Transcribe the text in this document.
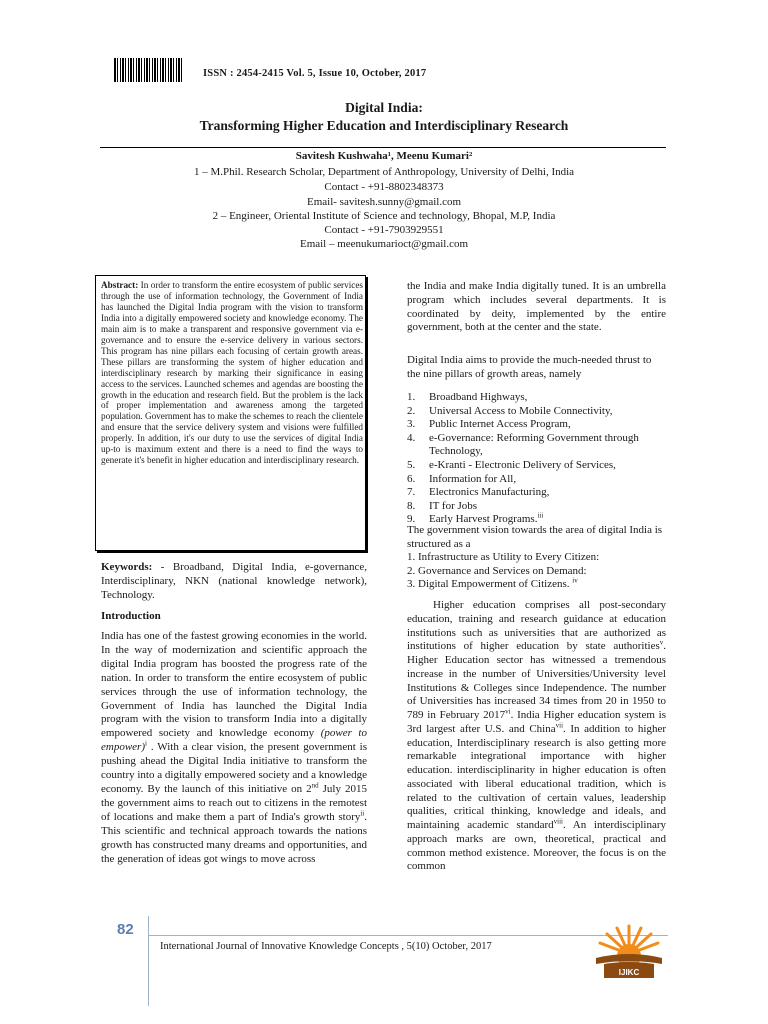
ISSN : 2454-2415 Vol. 5, Issue 10, October, 2017
Digital India:
Transforming Higher Education and Interdisciplinary Research
Savitesh Kushwaha¹, Meenu Kumari²
1 – M.Phil. Research Scholar, Department of Anthropology, University of Delhi, India
Contact - +91-8802348373
Email- savitesh.sunny@gmail.com
2 – Engineer, Oriental Institute of Science and technology, Bhopal, M.P, India
Contact - +91-7903929551
Email – meenukumarioct@gmail.com
Abstract: In order to transform the entire ecosystem of public services through the use of information technology, the Government of India has launched the Digital India program with the vision to transform India into a digitally empowered society and knowledge economy. The main aim is to make a transparent and responsive government via e-governance and to ensure the e-service delivery in various sectors. This program has nine pillars each focusing of certain growth areas. These pillars are transforming the system of higher education and interdisciplinary research by marking their significance in easing access to the services. Launched schemes and agendas are boosting the growth in the education and research field. But the problem is the lack of proper implementation and awareness among the targeted population. Government has to make the schemes to reach the clientele and ensure that the service delivery system and visions were fulfilled properly. In addition, it's our duty to use the services of digital India up-to is maximum extent and there is a need to find the ways to generate it's benefit in higher education and interdisciplinary research.
Keywords: - Broadband, Digital India, e-governance, Interdisciplinary, NKN (national knowledge network), Technology.
Introduction
India has one of the fastest growing economies in the world. In the way of modernization and scientific approach the digital India program has boosted the progress rate of the nation. In order to transform the entire ecosystem of public services through the use of information technology, the Government of India has launched the Digital India program with the vision to transform India into a digitally empowered society and knowledge economy (power to empower)$^i$ . With a clear vision, the present government is pushing ahead the Digital India initiative to transform the country into a digitally empowered society and a knowledge economy. By the launch of this initiative on 2nd July 2015 the government aims to reach out to citizens in the remotest of locations and make them a part of India's growth story$^{ii}$. This scientific and technical approach towards the nations growth has constructed many dreams and opportunities, and the generation of ideas got wings to move across
the India and make India digitally tuned. It is an umbrella program which includes several departments. It is coordinated by deity, implemented by the entire government, both at the center and the state.
Digital India aims to provide the much-needed thrust to the nine pillars of growth areas, namely
1. Broadband Highways,
2. Universal Access to Mobile Connectivity,
3. Public Internet Access Program,
4. e-Governance: Reforming Government through Technology,
5. e-Kranti - Electronic Delivery of Services,
6. Information for All,
7. Electronics Manufacturing,
8. IT for Jobs
9. Early Harvest Programs.$^{iii}$
The government vision towards the area of digital India is structured as a
1. Infrastructure as Utility to Every Citizen:
2. Governance and Services on Demand:
3. Digital Empowerment of Citizens. $^{iv}$
Higher education comprises all post-secondary education, training and research guidance at education institutions such as universities that are authorized as institutions of higher education by state authorities$^v$. Higher Education sector has witnessed a tremendous increase in the number of Universities/University level Institutions & Colleges since Independence. The number of Universities has increased 34 times from 20 in 1950 to 789 in February 2017$^{vi}$. India Higher education system is 3rd largest after U.S. and China$^{vii}$. In addition to higher education, Interdisciplinary research is also getting more remarkable integrational importance with higher education. interdisciplinarity in higher education is often associated with liberal educational tradition, which is related to the cultivation of certain values, leadership qualities, critical thinking, knowledge and ideals, and maintaining academic standard$^{viii}$. An interdisciplinary approach marks are own, theoretical, practical and common method existence. Moreover, the focus is on the common
82
International Journal of Innovative Knowledge Concepts , 5(10) October, 2017
IJIKC
